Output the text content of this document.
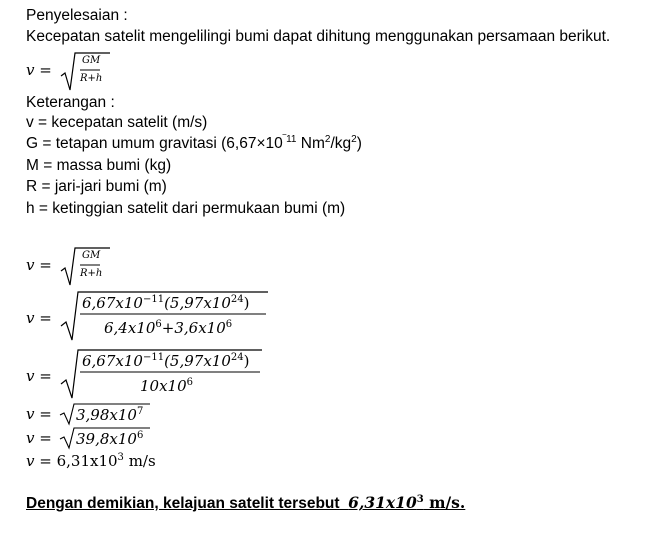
Penyelesaian :
Kecepatan satelit mengelilingi bumi dapat dihitung menggunakan persamaan berikut.
v =
GM
R+h
Keterangan :
v = kecepatan satelit (m/s)
G = tetapan umum gravitasi ($6,67\times 10^{‾11}$ $Nm^2/kg^2$)
M = massa bumi (kg)
R = jari-jari bumi (m)
h = ketinggian satelit dari permukaan bumi (m)
v =
GM
R+h
v =
$6,67x10^{-11}(5,97x10^{24})$
$6,4x10^6+3,6x10^6$
v =
$6,67x10^{-11}(5,97x10^{24})$
$10x10^6$
$v = 3,98x10^7$
$v = 39,8x10^6$
$v = 6,31x10^3$ m/s
Dengan demikian, kelajuan satelit tersebut $6,31x10^3$ m/s.
